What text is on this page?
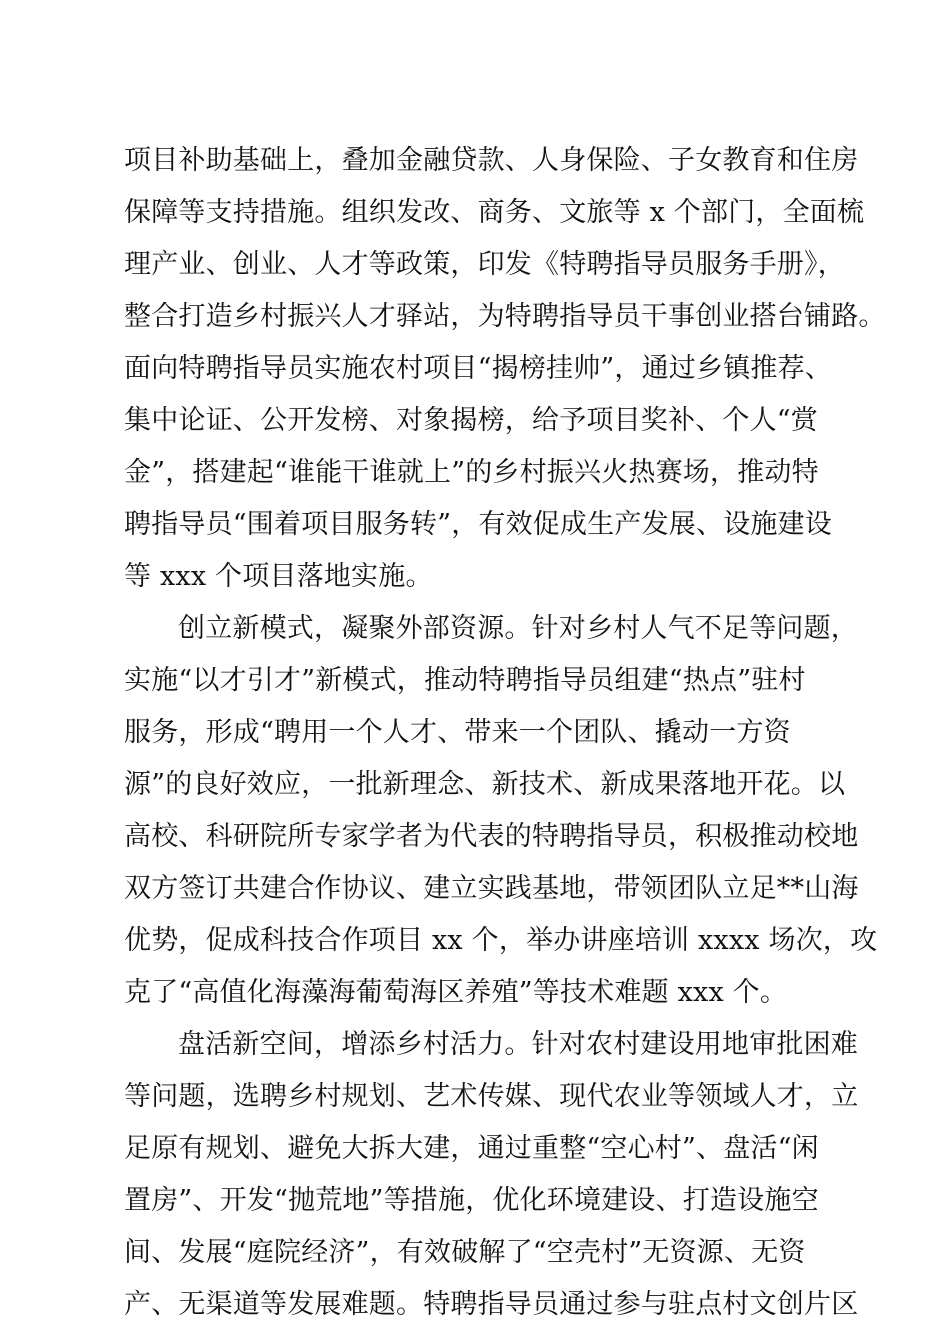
项目补助基础上，叠加金融贷款、人身保险、子女教育和住房
保障等支持措施。组织发改、商务、文旅等 x 个部门，全面梳
理产业、创业、人才等政策，印发《特聘指导员服务手册》，
整合打造乡村振兴人才驿站，为特聘指导员干事创业搭台铺路。
面向特聘指导员实施农村项目“揭榜挂帅”，通过乡镇推荐、
集中论证、公开发榜、对象揭榜，给予项目奖补、个人“赏
金”，搭建起“谁能干谁就上”的乡村振兴火热赛场，推动特
聘指导员“围着项目服务转”，有效促成生产发展、设施建设
等 xxx 个项目落地实施。
创立新模式，凝聚外部资源。针对乡村人气不足等问题，
实施“以才引才”新模式，推动特聘指导员组建“热点”驻村
服务，形成“聘用一个人才、带来一个团队、撬动一方资
源”的良好效应，一批新理念、新技术、新成果落地开花。以
高校、科研院所专家学者为代表的特聘指导员，积极推动校地
双方签订共建合作协议、建立实践基地，带领团队立足**山海
优势，促成科技合作项目 xx 个，举办讲座培训 xxxx 场次，攻
克了“高值化海藻海葡萄海区养殖”等技术难题 xxx 个。
盘活新空间，增添乡村活力。针对农村建设用地审批困难
等问题，选聘乡村规划、艺术传媒、现代农业等领域人才，立
足原有规划、避免大拆大建，通过重整“空心村”、盘活“闲
置房”、开发“抛荒地”等措施，优化环境建设、打造设施空
间、发展“庭院经济”，有效破解了“空壳村”无资源、无资
产、无渠道等发展难题。特聘指导员通过参与驻点村文创片区
